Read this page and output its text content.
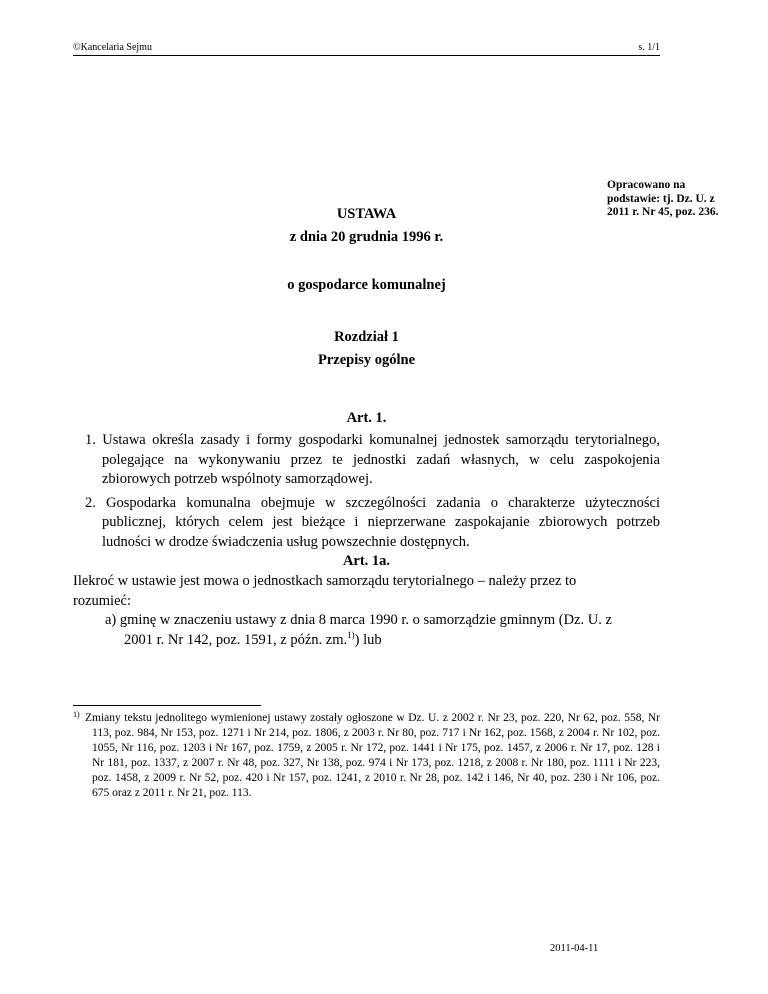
©Kancelaria Sejmu	s. 1/1
Opracowano na podstawie: tj. Dz. U. z 2011 r. Nr 45, poz. 236.
USTAWA
z dnia 20 grudnia 1996 r.
o gospodarce komunalnej
Rozdział 1
Przepisy ogólne
Art. 1.
1. Ustawa określa zasady i formy gospodarki komunalnej jednostek samorządu terytorialnego, polegające na wykonywaniu przez te jednostki zadań własnych, w celu zaspokojenia zbiorowych potrzeb wspólnoty samorządowej.
2. Gospodarka komunalna obejmuje w szczególności zadania o charakterze użyteczności publicznej, których celem jest bieżące i nieprzerwane zaspokajanie zbiorowych potrzeb ludności w drodze świadczenia usług powszechnie dostępnych.
Art. 1a.
Ilekroć w ustawie jest mowa o jednostkach samorządu terytorialnego – należy przez to rozumieć:
a) gminę w znaczeniu ustawy z dnia 8 marca 1990 r. o samorządzie gminnym (Dz. U. z 2001 r. Nr 142, poz. 1591, z późn. zm.$^{1)}$) lub
1) Zmiany tekstu jednolitego wymienionej ustawy zostały ogłoszone w Dz. U. z 2002 r. Nr 23, poz. 220, Nr 62, poz. 558, Nr 113, poz. 984, Nr 153, poz. 1271 i Nr 214, poz. 1806, z 2003 r. Nr 80, poz. 717 i Nr 162, poz. 1568, z 2004 r. Nr 102, poz. 1055, Nr 116, poz. 1203 i Nr 167, poz. 1759, z 2005 r. Nr 172, poz. 1441 i Nr 175, poz. 1457, z 2006 r. Nr 17, poz. 128 i Nr 181, poz. 1337, z 2007 r. Nr 48, poz. 327, Nr 138, poz. 974 i Nr 173, poz. 1218, z 2008 r. Nr 180, poz. 1111 i Nr 223, poz. 1458, z 2009 r. Nr 52, poz. 420 i Nr 157, poz. 1241, z 2010 r. Nr 28, poz. 142 i 146, Nr 40, poz. 230 i Nr 106, poz. 675 oraz z 2011 r. Nr 21, poz. 113.
2011-04-11
